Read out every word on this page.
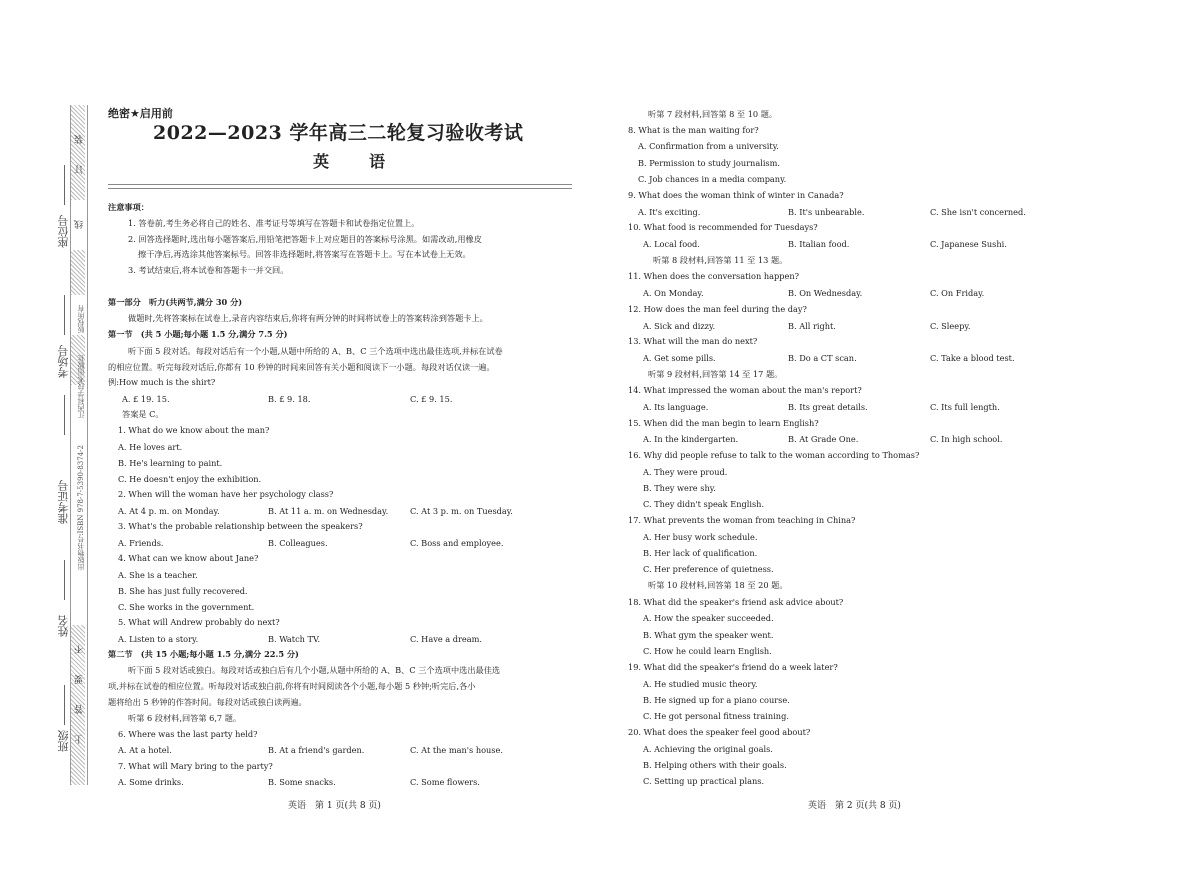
装
订
线
版权所有
江西科学技术出版社
出版物书号:ISBN 978-7-5390-8374-2
不
要
答
上
座位号
考场号
准考证号
姓名
班级
绝密★启用前
2022—2023 学年高三二轮复习验收考试
英　语
注意事项：
1. 答卷前,考生务必将自己的姓名、准考证号等填写在答题卡和试卷指定位置上。
2. 回答选择题时,选出每小题答案后,用铅笔把答题卡上对应题目的答案标号涂黑。如需改动,用橡皮
擦干净后,再选涂其他答案标号。回答非选择题时,将答案写在答题卡上。写在本试卷上无效。
3. 考试结束后,将本试卷和答题卡一并交回。
第一部分　听力(共两节,满分 30 分)
做题时,先将答案标在试卷上,录音内容结束后,你将有两分钟的时间将试卷上的答案转涂到答题卡上。
第一节　(共 5 小题;每小题 1.5 分,满分 7.5 分)
听下面 5 段对话。每段对话后有一个小题,从题中所给的 A、B、C 三个选项中选出最佳选项,并标在试卷
的相应位置。听完每段对话后,你都有 10 秒钟的时间来回答有关小题和阅读下一小题。每段对话仅读一遍。
例:How much is the shirt?
A. £ 19. 15.	B. £ 9. 18.	C. £ 9. 15.
答案是 C。
1. What do we know about the man?
A. He loves art.
B. He's learning to paint.
C. He doesn't enjoy the exhibition.
2. When will the woman have her psychology class?
A. At 4 p. m. on Monday.	B. At 11 a. m. on Wednesday.	C. At 3 p. m. on Tuesday.
3. What's the probable relationship between the speakers?
A. Friends.	B. Colleagues.	C. Boss and employee.
4. What can we know about Jane?
A. She is a teacher.
B. She has just fully recovered.
C. She works in the government.
5. What will Andrew probably do next?
A. Listen to a story.	B. Watch TV.	C. Have a dream.
第二节　(共 15 小题;每小题 1.5 分,满分 22.5 分)
听下面 5 段对话或独白。每段对话或独白后有几个小题,从题中所给的 A、B、C 三个选项中选出最佳选
项,并标在试卷的相应位置。听每段对话或独白前,你将有时间阅读各个小题,每小题 5 秒钟;听完后,各小
题将给出 5 秒钟的作答时间。每段对话或独白读两遍。
听第 6 段材料,回答第 6,7 题。
6. Where was the last party held?
A. At a hotel.	B. At a friend's garden.	C. At the man's house.
7. What will Mary bring to the party?
A. Some drinks.	B. Some snacks.	C. Some flowers.
英语　第 1 页(共 8 页)
听第 7 段材料,回答第 8 至 10 题。
8. What is the man waiting for?
A. Confirmation from a university.
B. Permission to study journalism.
C. Job chances in a media company.
9. What does the woman think of winter in Canada?
A. It's exciting.	B. It's unbearable.	C. She isn't concerned.
10. What food is recommended for Tuesdays?
A. Local food.	B. Italian food.	C. Japanese Sushi.
听第 8 段材料,回答第 11 至 13 题。
11. When does the conversation happen?
A. On Monday.	B. On Wednesday.	C. On Friday.
12. How does the man feel during the day?
A. Sick and dizzy.	B. All right.	C. Sleepy.
13. What will the man do next?
A. Get some pills.	B. Do a CT scan.	C. Take a blood test.
听第 9 段材料,回答第 14 至 17 题。
14. What impressed the woman about the man's report?
A. Its language.	B. Its great details.	C. Its full length.
15. When did the man begin to learn English?
A. In the kindergarten.	B. At Grade One.	C. In high school.
16. Why did people refuse to talk to the woman according to Thomas?
A. They were proud.
B. They were shy.
C. They didn't speak English.
17. What prevents the woman from teaching in China?
A. Her busy work schedule.
B. Her lack of qualification.
C. Her preference of quietness.
听第 10 段材料,回答第 18 至 20 题。
18. What did the speaker's friend ask advice about?
A. How the speaker succeeded.
B. What gym the speaker went.
C. How he could learn English.
19. What did the speaker's friend do a week later?
A. He studied music theory.
B. He signed up for a piano course.
C. He got personal fitness training.
20. What does the speaker feel good about?
A. Achieving the original goals.
B. Helping others with their goals.
C. Setting up practical plans.
英语　第 2 页(共 8 页)
